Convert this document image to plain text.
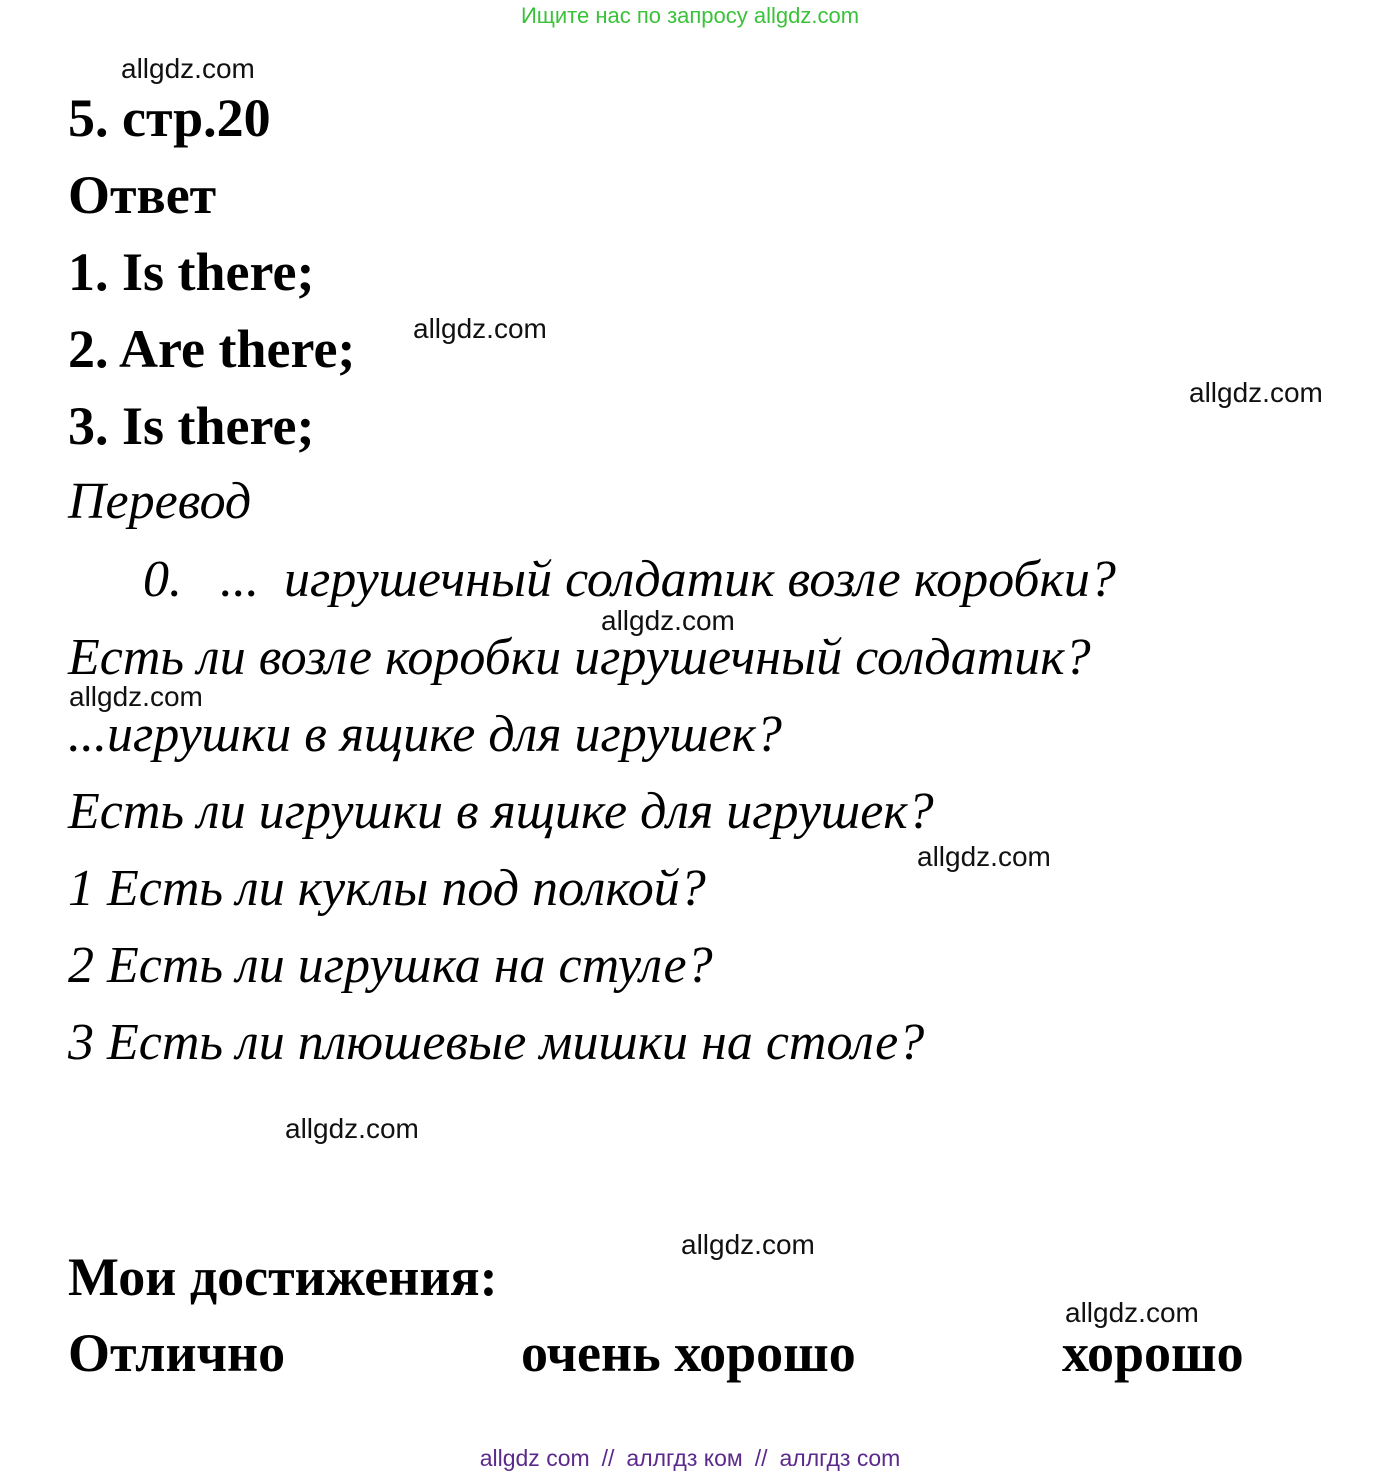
Ищите нас по запросу allgdz.com
5. стр.20
Ответ
1. Is there;
2. Are there;
3. Is there;
Перевод
0. ... игрушечный солдатик возле коробки?
Есть ли возле коробки игрушечный солдатик?
...игрушки в ящике для игрушек?
Есть ли игрушки в ящике для игрушек?
1 Есть ли куклы под полкой?
2 Есть ли игрушка на стуле?
3 Есть ли плюшевые мишки на столе?
Мои достижения:
Отлично	очень хорошо	хорошо
allgdz.com
allgdz.com
allgdz.com
allgdz.com
allgdz.com
allgdz.com
allgdz.com
allgdz.com
allgdz.com
allgdz com // аллгдз ком // аллгдз com
